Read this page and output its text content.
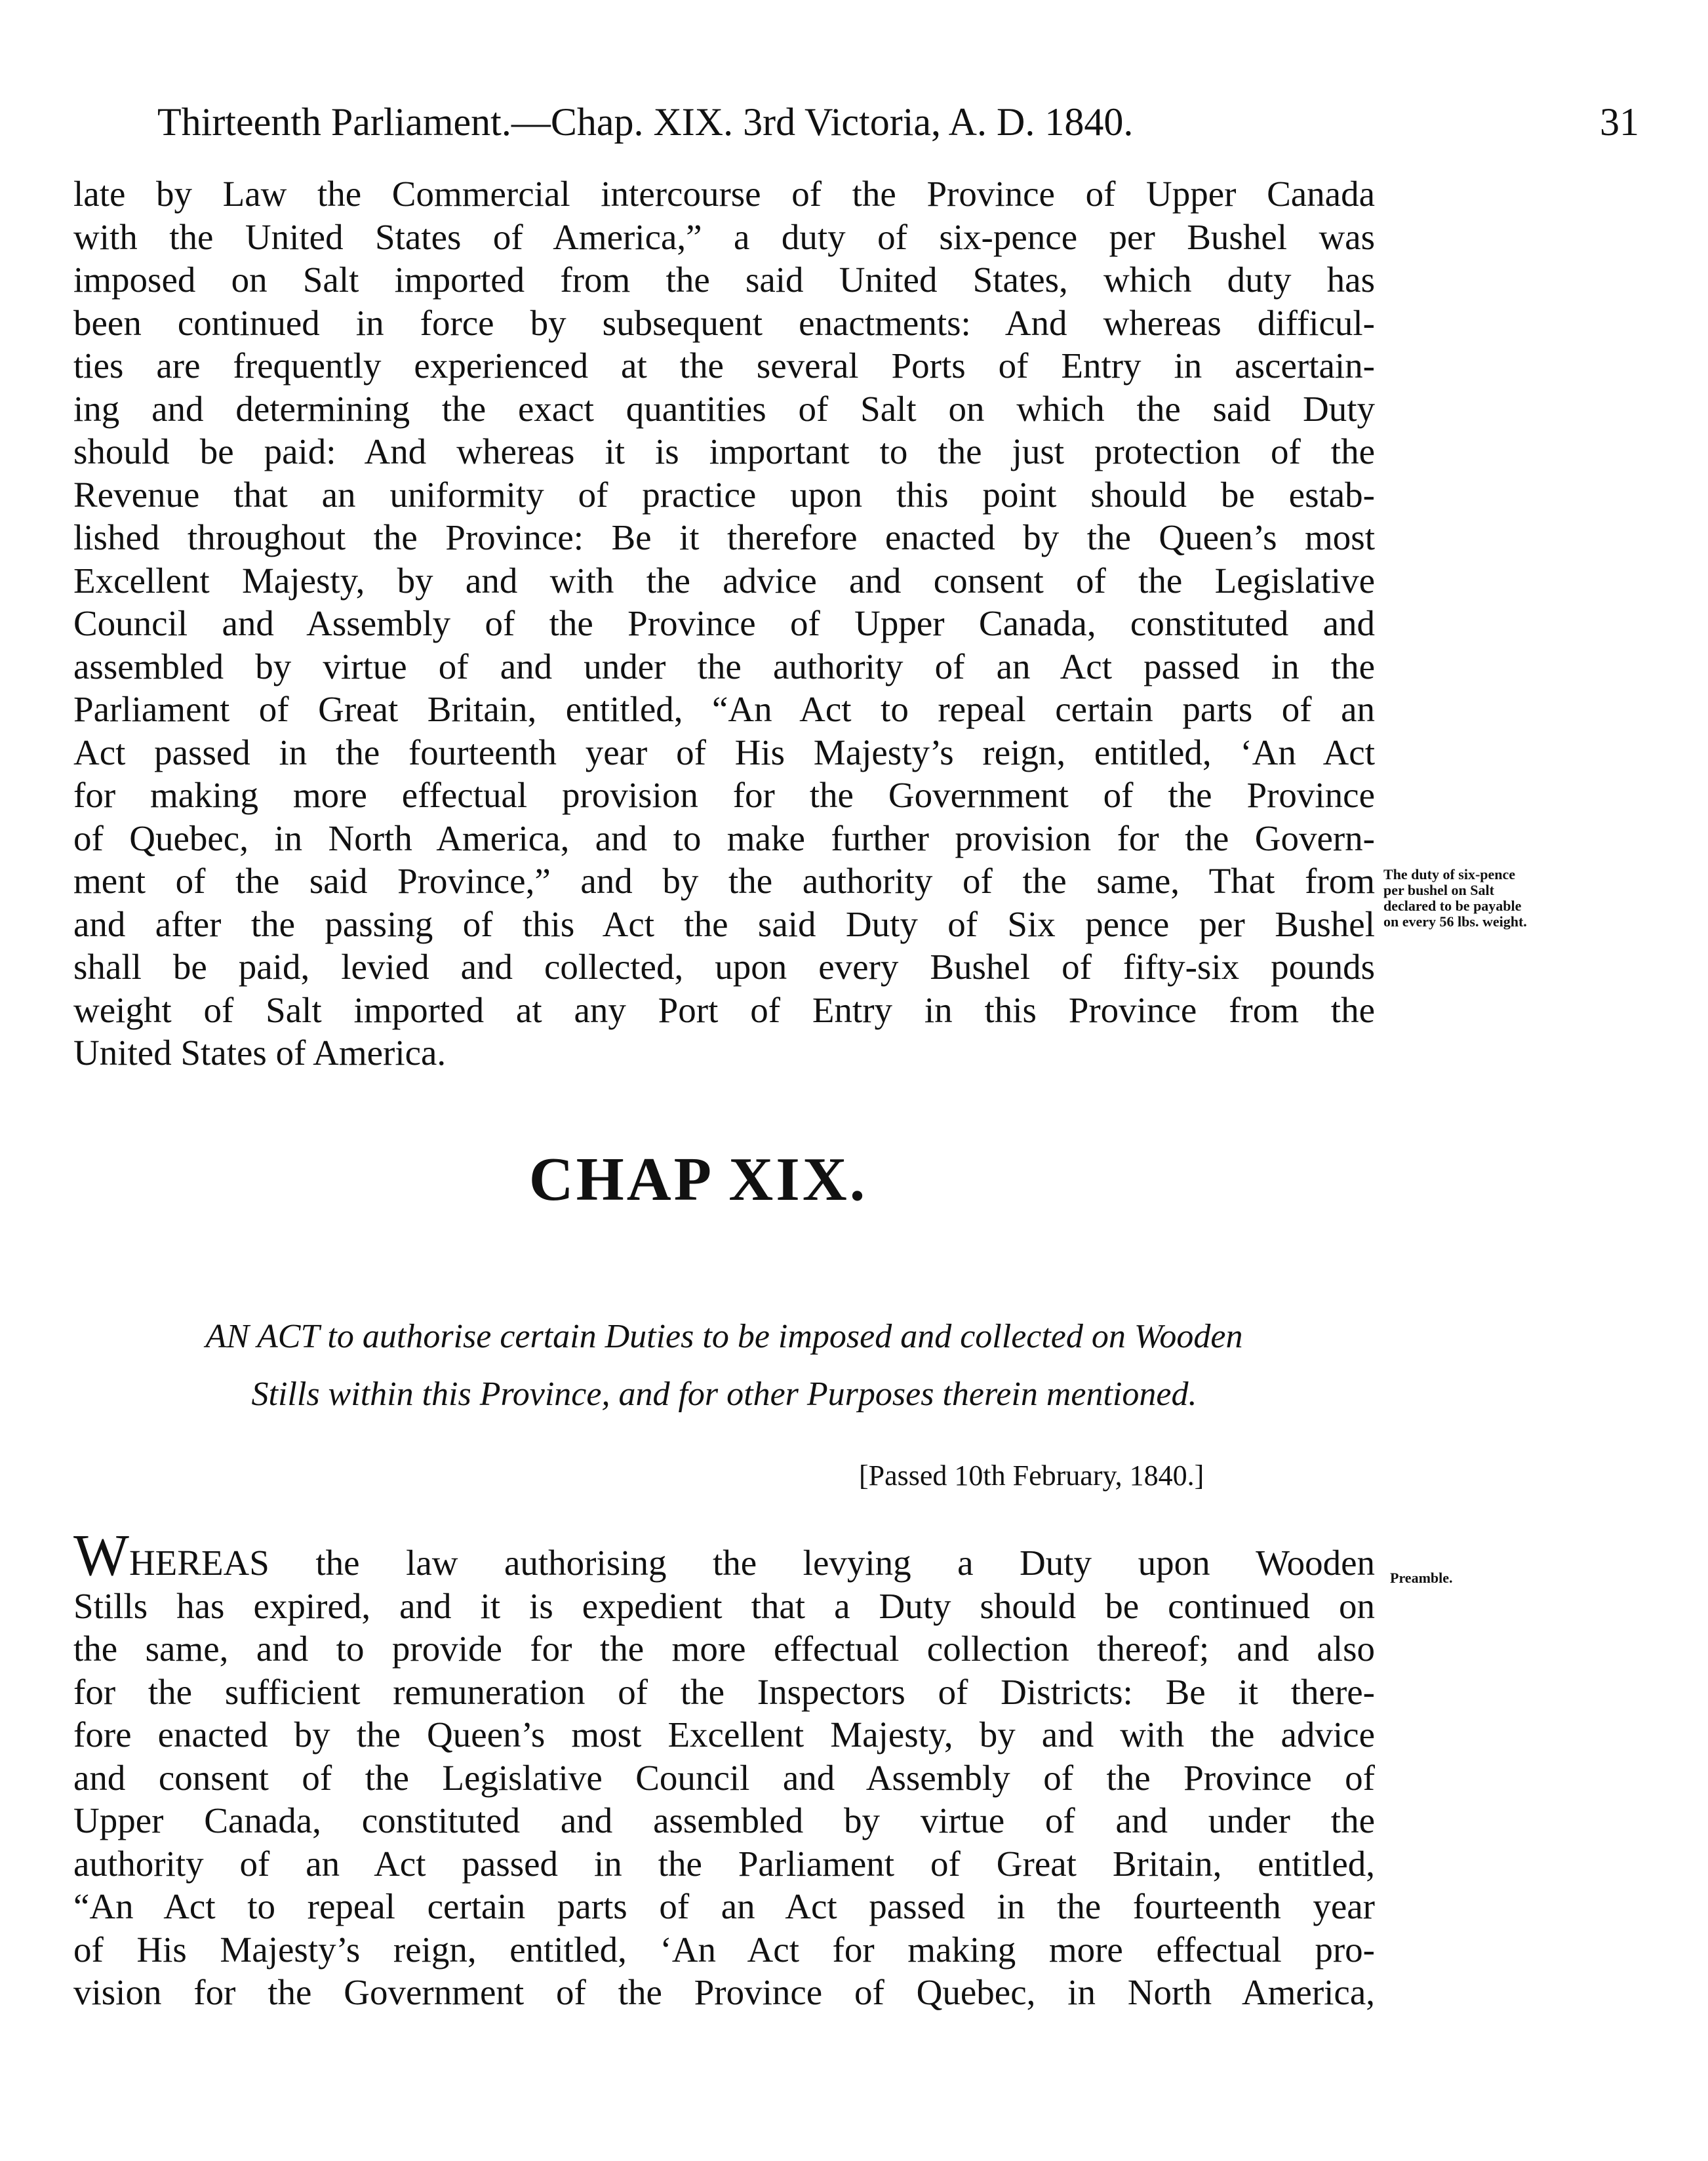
Thirteenth Parliament.—Chap. XIX. 3rd Victoria, A. D. 1840.	31
late by Law the Commercial intercourse of the Province of Upper Canada
with the United States of America,” a duty of six-pence per Bushel was
imposed on Salt imported from the said United States, which duty has
been continued in force by subsequent enactments: And whereas difficul-
ties are frequently experienced at the several Ports of Entry in ascertain-
ing and determining the exact quantities of Salt on which the said Duty
should be paid: And whereas it is important to the just protection of the
Revenue that an uniformity of practice upon this point should be estab-
lished throughout the Province: Be it therefore enacted by the Queen’s most
Excellent Majesty, by and with the advice and consent of the Legislative
Council and Assembly of the Province of Upper Canada, constituted and
assembled by virtue of and under the authority of an Act passed in the
Parliament of Great Britain, entitled, “An Act to repeal certain parts of an
Act passed in the fourteenth year of His Majesty’s reign, entitled, ‘An Act
for making more effectual provision for the Government of the Province
of Quebec, in North America, and to make further provision for the Govern-
ment of the said Province,” and by the authority of the same, That from
and after the passing of this Act the said Duty of Six pence per Bushel
shall be paid, levied and collected, upon every Bushel of fifty-six pounds
weight of Salt imported at any Port of Entry in this Province from the
United States of America.
The duty of six-pence
per bushel on Salt
declared to be payable
on every 56 lbs. weight.
CHAP XIX.
AN ACT to authorise certain Duties to be imposed and collected on Wooden
Stills within this Province, and for other Purposes therein mentioned.
[Passed 10th February, 1840.]
WHEREAS the law authorising the levying a Duty upon Wooden
Stills has expired, and it is expedient that a Duty should be continued on
the same, and to provide for the more effectual collection thereof; and also
for the sufficient remuneration of the Inspectors of Districts: Be it there-
fore enacted by the Queen’s most Excellent Majesty, by and with the advice
and consent of the Legislative Council and Assembly of the Province of
Upper Canada, constituted and assembled by virtue of and under the
authority of an Act passed in the Parliament of Great Britain, entitled,
“An Act to repeal certain parts of an Act passed in the fourteenth year
of His Majesty’s reign, entitled, ‘An Act for making more effectual pro-
vision for the Government of the Province of Quebec, in North America,
Preamble.
